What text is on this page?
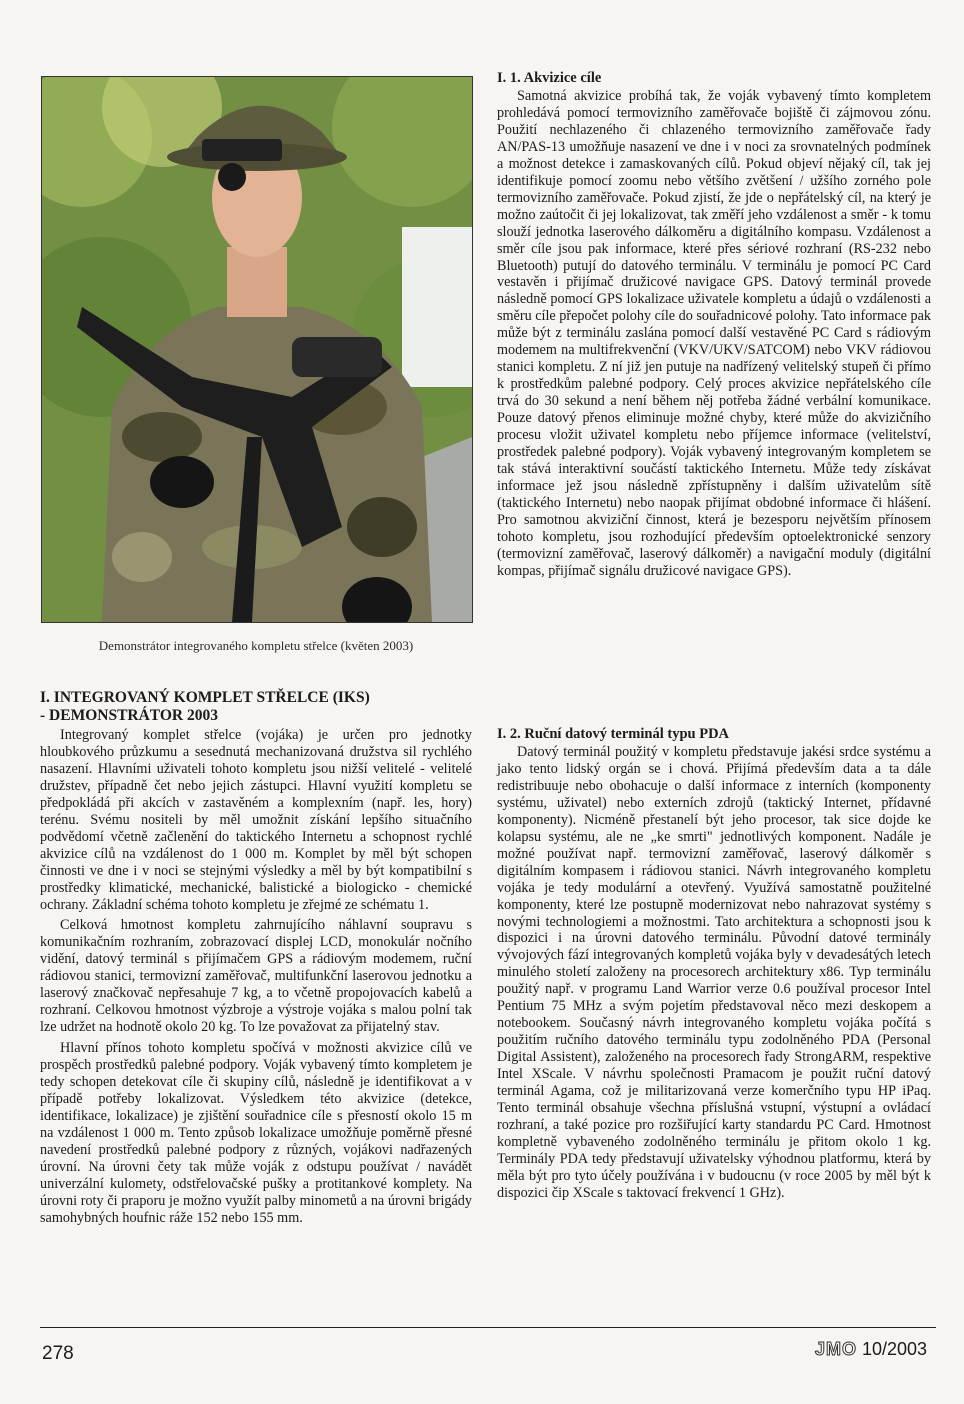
Demonstrátor integrovaného kompletu střelce (květen 2003)
I. INTEGROVANÝ KOMPLET STŘELCE (IKS)
- DEMONSTRÁTOR 2003

Integrovaný komplet střelce (vojáka) je určen pro jednotky hloubkového průzkumu a sesednutá mechanizovaná družstva sil rychlého nasazení. Hlavními uživateli tohoto kompletu jsou nižší velitelé - velitelé družstev, případně čet nebo jejich zástupci. Hlavní využití kompletu se předpokládá při akcích v zastavěném a komplexním (např. les, hory) terénu. Svému nositeli by měl umožnit získání lepšího situačního podvědomí včetně začlenění do taktického Internetu a schopnost rychlé akvizice cílů na vzdálenost do 1 000 m. Komplet by měl být schopen činnosti ve dne i v noci se stejnými výsledky a měl by být kompatibilní s prostředky klimatické, mechanické, balistické a biologicko - chemické ochrany. Základní schéma tohoto kompletu je zřejmé ze schématu 1.

Celková hmotnost kompletu zahrnujícího náhlavní soupravu s komunikačním rozhraním, zobrazovací displej LCD, monokulár nočního vidění, datový terminál s přijímačem GPS a rádiovým modemem, ruční rádiovou stanici, termovizní zaměřovač, multifunkční laserovou jednotku a laserový značkovač nepřesahuje 7 kg, a to včetně propojovacích kabelů a rozhraní. Celkovou hmotnost výzbroje a výstroje vojáka s malou polní tak lze udržet na hodnotě okolo 20 kg. To lze považovat za přijatelný stav.

Hlavní přínos tohoto kompletu spočívá v možnosti akvizice cílů ve prospěch prostředků palebné podpory. Voják vybavený tímto kompletem je tedy schopen detekovat cíle či skupiny cílů, následně je identifikovat a v případě potřeby lokalizovat. Výsledkem této akvizice (detekce, identifikace, lokalizace) je zjištění souřadnice cíle s přesností okolo 15 m na vzdálenost 1 000 m. Tento způsob lokalizace umožňuje poměrně přesné navedení prostředků palebné podpory z různých, vojákovi nadřazených úrovní. Na úrovni čety tak může voják z odstupu používat / navádět univerzální kulomety, odstřelovačské pušky a protitankové komplety. Na úrovni roty či praporu je možno využít palby minometů a na úrovni brigády samohybných houfnic ráže 152 nebo 155 mm.

I. 1. Akvizice cíle

Samotná akvizice probíhá tak, že voják vybavený tímto kompletem prohledává pomocí termovizního zaměřovače bojiště či zájmovou zónu. Použití nechlazeného či chlazeného termovizního zaměřovače řady AN/PAS-13 umožňuje nasazení ve dne i v noci za srovnatelných podmínek a možnost detekce i zamaskovaných cílů. Pokud objeví nějaký cíl, tak jej identifikuje pomocí zoomu nebo většího zvětšení / užšího zorného pole termovizního zaměřovače. Pokud zjistí, že jde o nepřátelský cíl, na který je možno zaútočit či jej lokalizovat, tak změří jeho vzdálenost a směr - k tomu slouží jednotka laserového dálkoměru a digitálního kompasu. Vzdálenost a směr cíle jsou pak informace, které přes sériové rozhraní (RS-232 nebo Bluetooth) putují do datového terminálu. V terminálu je pomocí PC Card vestavěn i přijímač družicové navigace GPS. Datový terminál provede následně pomocí GPS lokalizace uživatele kompletu a údajů o vzdálenosti a směru cíle přepočet polohy cíle do souřadnicové polohy. Tato informace pak může být z terminálu zaslána pomocí další vestavěné PC Card s rádiovým modemem na multifrekvenční (VKV/UKV/SATCOM) nebo VKV rádiovou stanici kompletu. Z ní již jen putuje na nadřízený velitelský stupeň či přímo k prostředkům palebné podpory. Celý proces akvizice nepřátelského cíle trvá do 30 sekund a není během něj potřeba žádné verbální komunikace. Pouze datový přenos eliminuje možné chyby, které může do akvizičního procesu vložit uživatel kompletu nebo příjemce informace (velitelství, prostředek palebné podpory). Voják vybavený integrovaným kompletem se tak stává interaktivní součástí taktického Internetu. Může tedy získávat informace jež jsou následně zpřístupněny i dalším uživatelům sítě (taktického Internetu) nebo naopak přijímat obdobné informace či hlášení. Pro samotnou akviziční činnost, která je bezesporu největším přínosem tohoto kompletu, jsou rozhodující především optoelektronické senzory (termovizní zaměřovač, laserový dálkoměr) a navigační moduly (digitální kompas, přijímač signálu družicové navigace GPS).

I. 2. Ruční datový terminál typu PDA

Datový terminál použitý v kompletu představuje jakési srdce systému a jako tento lidský orgán se i chová. Přijímá především data a ta dále redistribuuje nebo obohacuje o další informace z interních (komponenty systému, uživatel) nebo externích zdrojů (taktický Internet, přídavné komponenty). Nicméně přestanelí být jeho procesor, tak sice dojde ke kolapsu systému, ale ne „ke smrti" jednotlivých komponent. Nadále je možné používat např. termovizní zaměřovač, laserový dálkoměr s digitálním kompasem i rádiovou stanici. Návrh integrovaného kompletu vojáka je tedy modulární a otevřený. Využívá samostatně použitelné komponenty, které lze postupně modernizovat nebo nahrazovat systémy s novými technologiemi a možnostmi. Tato architektura a schopnosti jsou k dispozici i na úrovni datového terminálu. Původní datové terminály vývojových fází integrovaných kompletů vojáka byly v devadesátých letech minulého století založeny na procesorech architektury x86. Typ terminálu použitý např. v programu Land Warrior verze 0.6 používal procesor Intel Pentium 75 MHz a svým pojetím představoval něco mezi deskopem a notebookem. Současný návrh integrovaného kompletu vojáka počítá s použitím ručního datového terminálu typu zodolněného PDA (Personal Digital Assistent), založeného na procesorech řady StrongARM, respektive Intel XScale. V návrhu společnosti Pramacom je použit ruční datový terminál Agama, což je militarizovaná verze komerčního typu HP iPaq. Tento terminál obsahuje všechna příslušná vstupní, výstupní a ovládací rozhraní, a také pozice pro rozšiřující karty standardu PC Card. Hmotnost kompletně vybaveného zodolněného terminálu je přitom okolo 1 kg. Terminály PDA tedy představují uživatelsky výhodnou platformu, která by měla být pro tyto účely používána i v budoucnu (v roce 2005 by měl být k dispozici čip XScale s taktovací frekvencí 1 GHz).

278	JMO 10/2003
